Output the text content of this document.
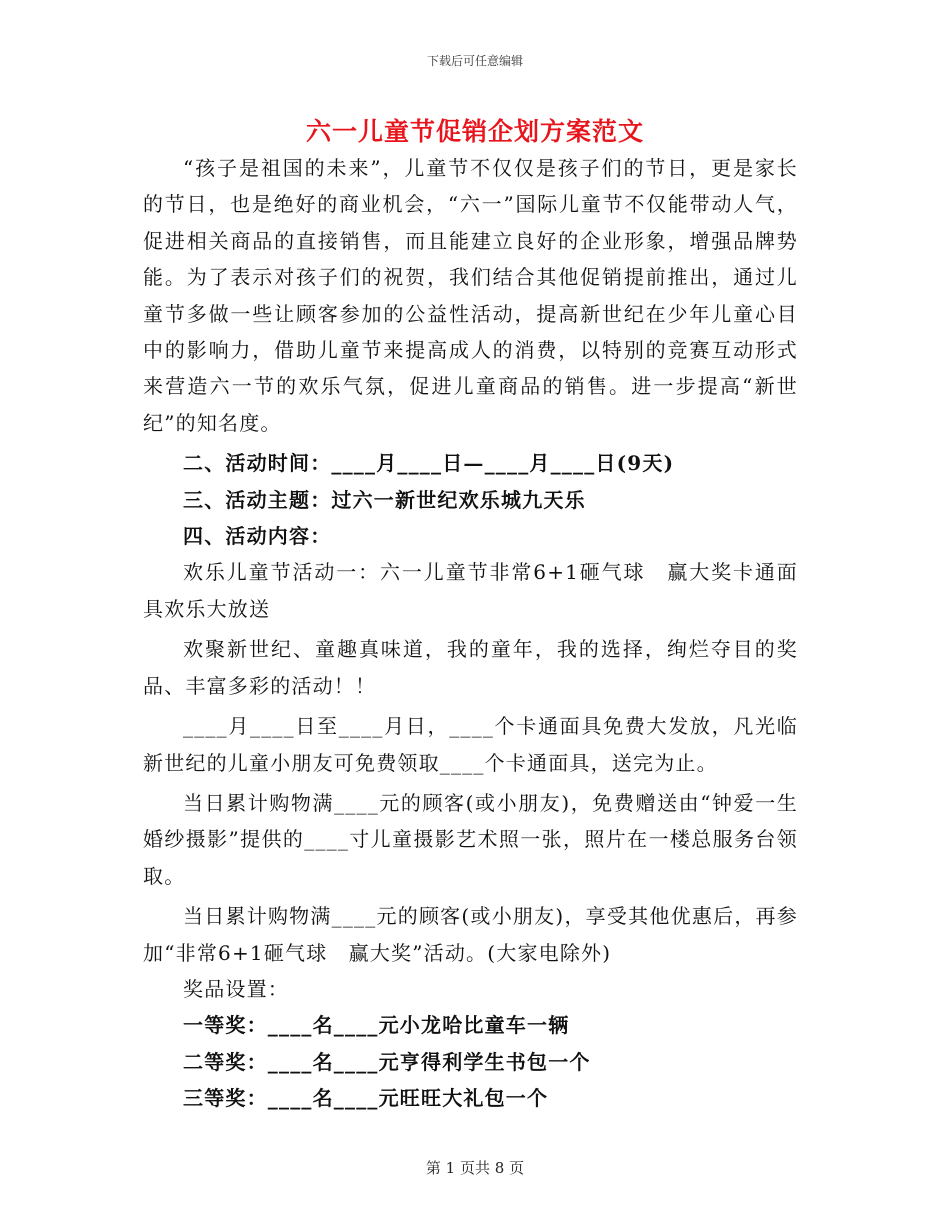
下载后可任意编辑
六一儿童节促销企划方案范文

“孩子是祖国的未来”，儿童节不仅仅是孩子们的节日，更是家长的节日，也是绝好的商业机会，“六一”国际儿童节不仅能带动人气，促进相关商品的直接销售，而且能建立良好的企业形象，增强品牌势能。为了表示对孩子们的祝贺，我们结合其他促销提前推出，通过儿童节多做一些让顾客参加的公益性活动，提高新世纪在少年儿童心目中的影响力，借助儿童节来提高成人的消费，以特别的竞赛互动形式来营造六一节的欢乐气氛，促进儿童商品的销售。进一步提高“新世纪”的知名度。

二、活动时间：____月____日—____月____日(9天)

三、活动主题：过六一新世纪欢乐城九天乐

四、活动内容：

欢乐儿童节活动一：六一儿童节非常6+1砸气球　赢大奖卡通面具欢乐大放送

欢聚新世纪、童趣真味道，我的童年，我的选择，绚烂夺目的奖品、丰富多彩的活动！！

____月____日至____月日，____个卡通面具免费大发放，凡光临新世纪的儿童小朋友可免费领取____个卡通面具，送完为止。

当日累计购物满____元的顾客(或小朋友)，免费赠送由“钟爱一生婚纱摄影”提供的____寸儿童摄影艺术照一张，照片在一楼总服务台领取。

当日累计购物满____元的顾客(或小朋友)，享受其他优惠后，再参加“非常6+1砸气球　赢大奖”活动。(大家电除外)

奖品设置：

一等奖：____名____元小龙哈比童车一辆

二等奖：____名____元亨得利学生书包一个

三等奖：____名____元旺旺大礼包一个

第 1 页共 8 页
